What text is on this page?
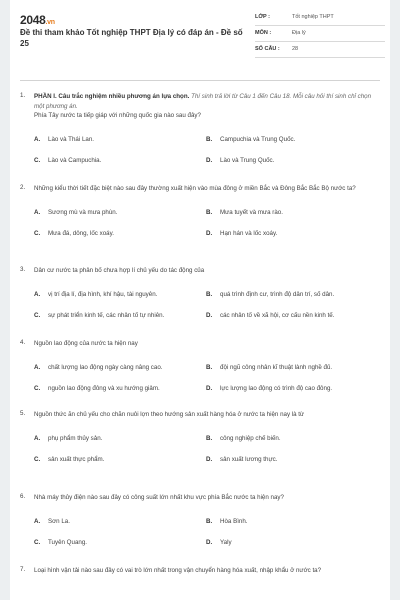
2048.vn
Đề thi tham khảo Tốt nghiệp THPT Địa lý có đáp án - Đề số 25
LỚP :	Tốt nghiệp THPT
MÔN :	Địa lý
SỐ CÂU : 28
1.	PHẦN I. Câu trắc nghiệm nhiều phương án lựa chọn. Thí sinh trả lời từ Câu 1 đến Câu 18. Mỗi câu hỏi thí sinh chỉ chọn một phương án.
Phía Tây nước ta tiếp giáp với những quốc gia nào sau đây?
A. Lào và Thái Lan.	B. Campuchia và Trung Quốc.
C. Lào và Campuchia.	D. Lào và Trung Quốc.
2.	Những kiểu thời tiết đặc biệt nào sau đây thường xuất hiện vào mùa đông ở miền Bắc và Đông Bắc Bắc Bộ nước ta?
A. Sương mù và mưa phùn.	B. Mưa tuyết và mưa rào.
C. Mưa đá, dông, lốc xoáy.	D. Hạn hán và lốc xoáy.
3.	Dân cư nước ta phân bố chưa hợp lí chủ yếu do tác động của
A. vị trí địa lí, địa hình, khí hậu, tài nguyên.	B. quá trình định cư, trình độ dân trí, số dân.
C. sự phát triển kinh tế, các nhân tố tự nhiên.	D. các nhân tố về xã hội, cơ cấu nền kinh tế.
4.	Nguồn lao động của nước ta hiện nay
A. chất lượng lao động ngày càng nâng cao.	B. đội ngũ công nhân kĩ thuật lành nghề đủ.
C. nguồn lao động đông và xu hướng giảm.	D. lực lượng lao động có trình độ cao đông.
5.	Nguồn thức ăn chủ yếu cho chăn nuôi lợn theo hướng sản xuất hàng hóa ở nước ta hiện nay là từ
A. phụ phẩm thủy sản.	B. công nghiệp chế biến.
C. sản xuất thực phẩm.	D. sản xuất lương thực.
6.	Nhà máy thủy điện nào sau đây có công suất lớn nhất khu vực phía Bắc nước ta hiện nay?
A. Sơn La.	B. Hòa Bình.
C. Tuyên Quang.	D. Yaly
7.	Loại hình vận tải nào sau đây có vai trò lớn nhất trong vận chuyển hàng hóa xuất, nhập khẩu ở nước ta?
